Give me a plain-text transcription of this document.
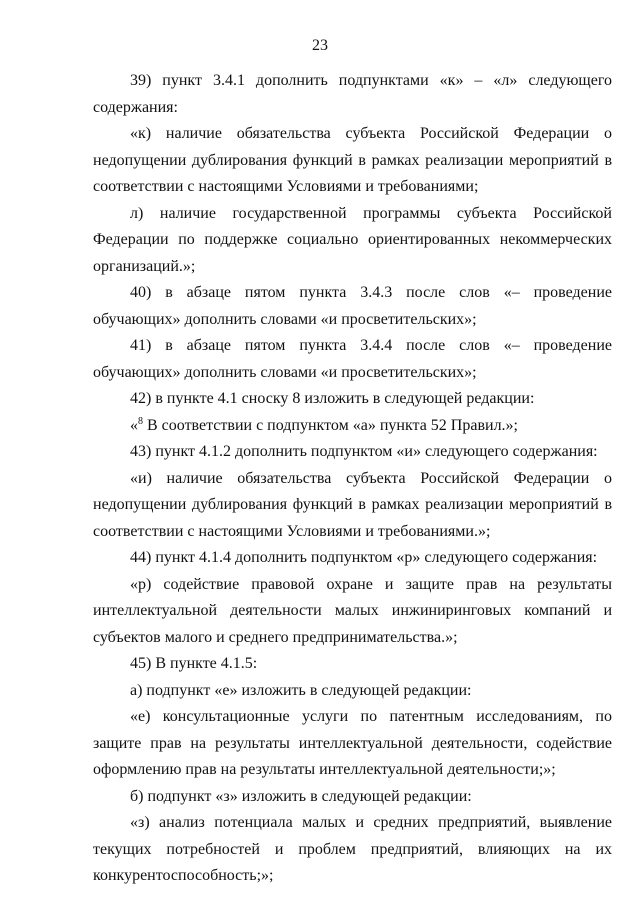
23

39) пункт 3.4.1 дополнить подпунктами «к» – «л» следующего содержания:

«к) наличие обязательства субъекта Российской Федерации о недопущении дублирования функций в рамках реализации мероприятий в соответствии с настоящими Условиями и требованиями;

л) наличие государственной программы субъекта Российской Федерации по поддержке социально ориентированных некоммерческих организаций.»;

40) в абзаце пятом пункта 3.4.3 после слов «– проведение обучающих» дополнить словами «и просветительских»;

41) в абзаце пятом пункта 3.4.4 после слов «– проведение обучающих» дополнить словами «и просветительских»;

42) в пункте 4.1 сноску 8 изложить в следующей редакции:

«$^8$ В соответствии с подпунктом «а» пункта 52 Правил.»;

43) пункт 4.1.2 дополнить подпунктом «и» следующего содержания:

«и) наличие обязательства субъекта Российской Федерации о недопущении дублирования функций в рамках реализации мероприятий в соответствии с настоящими Условиями и требованиями.»;

44) пункт 4.1.4 дополнить подпунктом «р» следующего содержания:

«р) содействие правовой охране и защите прав на результаты интеллектуальной деятельности малых инжиниринговых компаний и субъектов малого и среднего предпринимательства.»;

45) В пункте 4.1.5:

а) подпункт «е» изложить в следующей редакции:

«е) консультационные услуги по патентным исследованиям, по защите прав на результаты интеллектуальной деятельности, содействие оформлению прав на результаты интеллектуальной деятельности;»;

б) подпункт «з» изложить в следующей редакции:

«з) анализ потенциала малых и средних предприятий, выявление текущих потребностей и проблем предприятий, влияющих на их конкурентоспособность;»;
